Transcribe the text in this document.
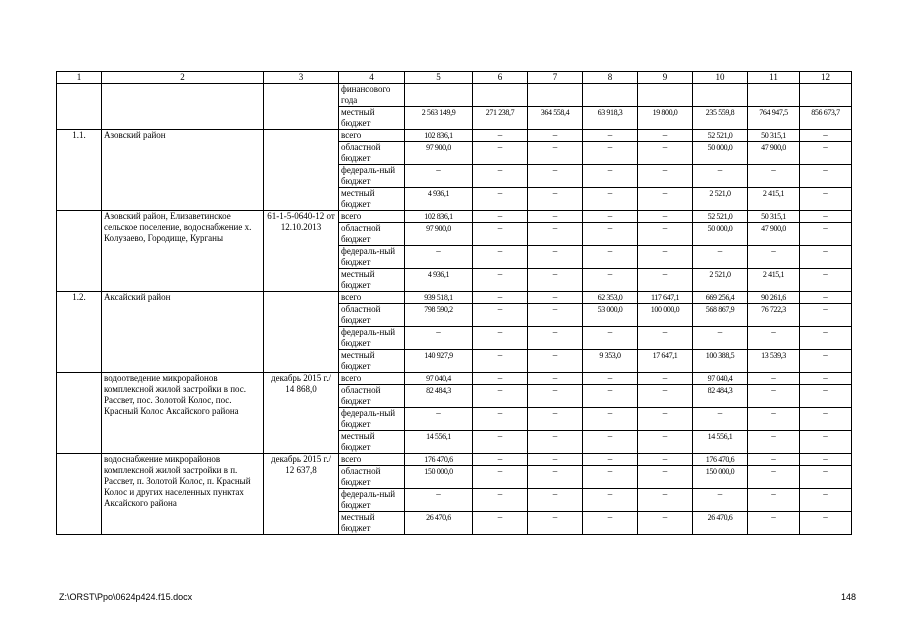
1	2	3	4	5	6	7	8	9	10	11	12
			финансового года								
			местный бюджет	2 563 149,9	271 238,7	364 558,4	63 918,3	19 800,0	235 559,8	764 947,5	856 673,7
1.1.	Азовский район		всего	102 836,1	–	–	–	–	52 521,0	50 315,1	–
			областной бюджет	97 900,0	–	–	–	–	50 000,0	47 900,0	–
			федераль-ный бюджет	–	–	–	–	–	–	–	–
			местный бюджет	4 936,1	–	–	–	–	2 521,0	2 415,1	–
	Азовский район, Елизаветинское сельское поселение, водоснабжение х. Колузаево, Городище, Курганы	61-1-5-0640-12 от 12.10.2013	всего	102 836,1	–	–	–	–	52 521,0	50 315,1	–
			областной бюджет	97 900,0	–	–	–	–	50 000,0	47 900,0	–
			федераль-ный бюджет	–	–	–	–	–	–	–	–
			местный бюджет	4 936,1	–	–	–	–	2 521,0	2 415,1	–
1.2.	Аксайский район		всего	939 518,1	–	–	62 353,0	117 647,1	669 256,4	90 261,6	–
			областной бюджет	798 590,2	–	–	53 000,0	100 000,0	568 867,9	76 722,3	–
			федераль-ный бюджет	–	–	–	–	–	–	–	–
			местный бюджет	140 927,9	–	–	9 353,0	17 647,1	100 388,5	13 539,3	–
	водоотведение микрорайонов комплексной жилой застройки в пос. Рассвет, пос. Золотой Колос, пос. Красный Колос Аксайского района	декабрь 2015 г./ 14 868,0	всего	97 040,4	–	–	–	–	97 040,4	–	–
			областной бюджет	82 484,3	–	–	–	–	82 484,3	–	–
			федераль-ный бюджет	–	–	–	–	–	–	–	–
			местный бюджет	14 556,1	–	–	–	–	14 556,1	–	–
	водоснабжение микрорайонов комплексной жилой застройки в п. Рассвет, п. Золотой Колос, п. Красный Колос и других населенных пунктах Аксайского района	декабрь 2015 г./ 12 637,8	всего	176 470,6	–	–	–	–	176 470,6	–	–
			областной бюджет	150 000,0	–	–	–	–	150 000,0	–	–
			федераль-ный бюджет	–	–	–	–	–	–	–	–
			местный бюджет	26 470,6	–	–	–	–	26 470,6	–	–
Z:\ORST\Ppo\0624p424.f15.docx	148
